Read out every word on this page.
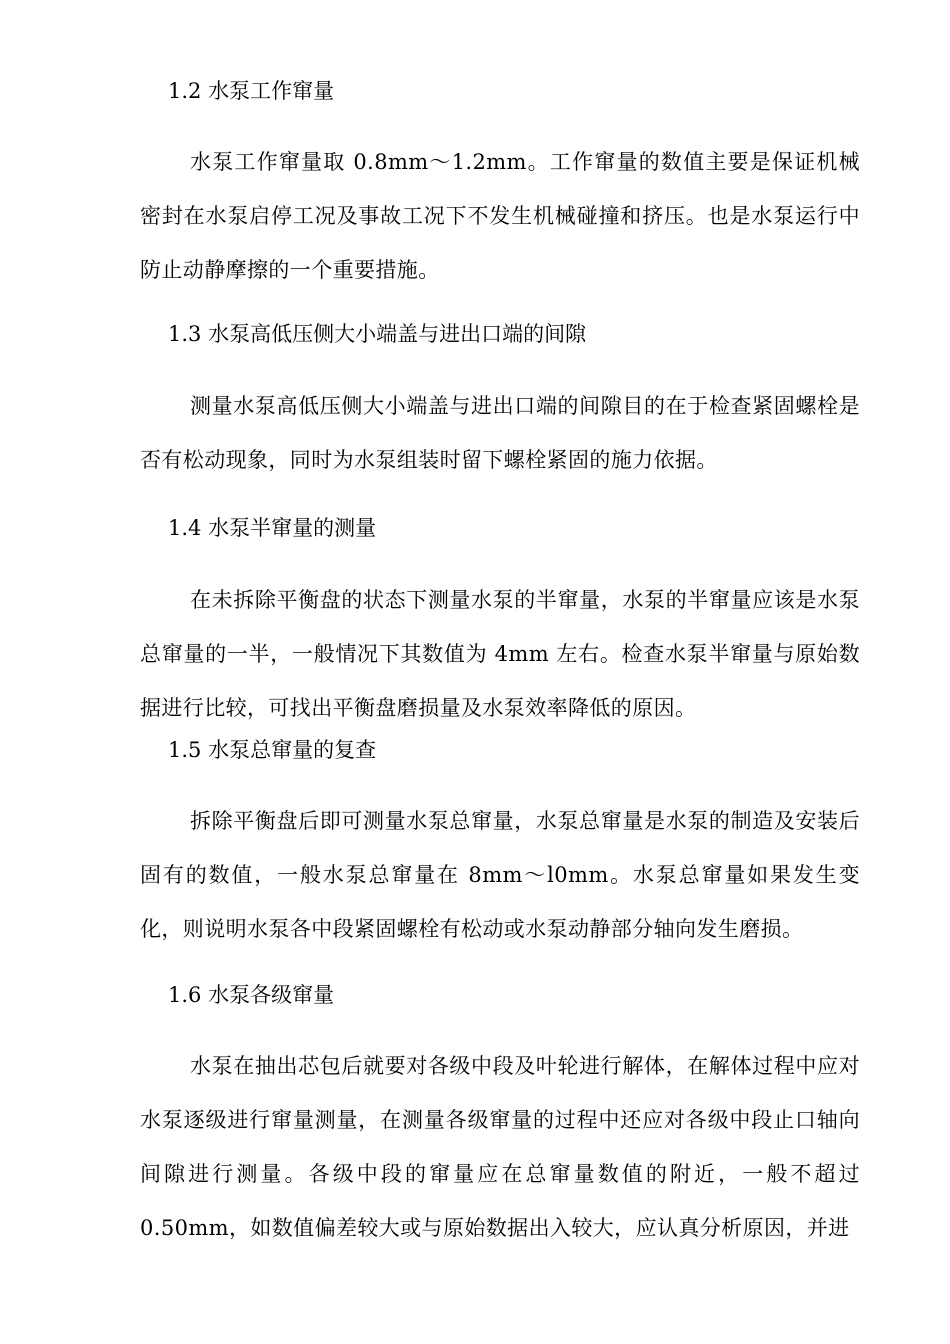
1.2 水泵工作窜量
水泵工作窜量取 0.8mm～1.2mm。工作窜量的数值主要是保证机械密封在水泵启停工况及事故工况下不发生机械碰撞和挤压。也是水泵运行中防止动静摩擦的一个重要措施。
1.3 水泵高低压侧大小端盖与进出口端的间隙
测量水泵高低压侧大小端盖与进出口端的间隙目的在于检查紧固螺栓是否有松动现象，同时为水泵组装时留下螺栓紧固的施力依据。
1.4 水泵半窜量的测量
在未拆除平衡盘的状态下测量水泵的半窜量，水泵的半窜量应该是水泵总窜量的一半，一般情况下其数值为 4mm 左右。检查水泵半窜量与原始数据进行比较，可找出平衡盘磨损量及水泵效率降低的原因。
1.5 水泵总窜量的复查
拆除平衡盘后即可测量水泵总窜量，水泵总窜量是水泵的制造及安装后固有的数值，一般水泵总窜量在 8mm～l0mm。水泵总窜量如果发生变化，则说明水泵各中段紧固螺栓有松动或水泵动静部分轴向发生磨损。
1.6 水泵各级窜量
水泵在抽出芯包后就要对各级中段及叶轮进行解体，在解体过程中应对水泵逐级进行窜量测量，在测量各级窜量的过程中还应对各级中段止口轴向间隙进行测量。各级中段的窜量应在总窜量数值的附近，一般不超过0.50mm，如数值偏差较大或与原始数据出入较大，应认真分析原因，并进
